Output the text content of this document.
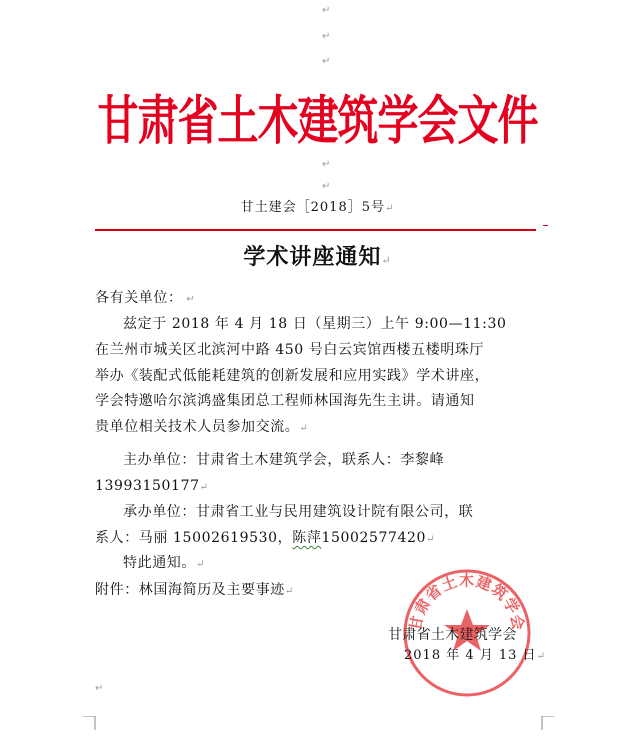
↵
↵
↵
甘肃省土木建筑学会文件
↵
↵
甘土建会［2018］5号↵
学术讲座通知↵

各有关单位： ↵

兹定于 2018 年 4 月 18 日（星期三）上午 9:00—11:30
在兰州市城关区北滨河中路 450 号白云宾馆西楼五楼明珠厅
举办《装配式低能耗建筑的创新发展和应用实践》学术讲座，
学会特邀哈尔滨鸿盛集团总工程师林国海先生主讲。请通知
贵单位相关技术人员参加交流。↵
主办单位：甘肃省土木建筑学会，联系人：李黎峰
13993150177↵
承办单位：甘肃省工业与民用建筑设计院有限公司，联
系人：马丽 15002619530，陈萍15002577420↵
特此通知。↵
附件：林国海简历及主要事迹↵
甘肃省土木建筑学会
甘肃省土木建筑学会
2018 年 4 月 13 日↵
↵
